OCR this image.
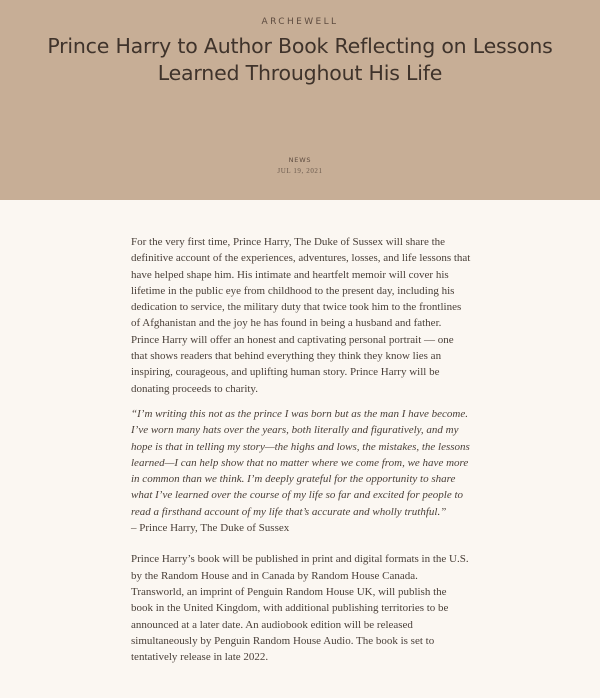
ARCHEWELL
Prince Harry to Author Book Reflecting on Lessons Learned Throughout His Life
NEWS
JUL 19, 2021

For the very first time, Prince Harry, The Duke of Sussex will share the definitive account of the experiences, adventures, losses, and life lessons that have helped shape him. His intimate and heartfelt memoir will cover his lifetime in the public eye from childhood to the present day, including his dedication to service, the military duty that twice took him to the frontlines of Afghanistan and the joy he has found in being a husband and father. Prince Harry will offer an honest and captivating personal portrait — one that shows readers that behind everything they think they know lies an inspiring, courageous, and uplifting human story. Prince Harry will be donating proceeds to charity.

“I’m writing this not as the prince I was born but as the man I have become. I’ve worn many hats over the years, both literally and figuratively, and my hope is that in telling my story—the highs and lows, the mistakes, the lessons learned—I can help show that no matter where we come from, we have more in common than we think. I’m deeply grateful for the opportunity to share what I’ve learned over the course of my life so far and excited for people to read a firsthand account of my life that’s accurate and wholly truthful.”

– Prince Harry, The Duke of Sussex

Prince Harry’s book will be published in print and digital formats in the U.S. by the Random House and in Canada by Random House Canada. Transworld, an imprint of Penguin Random House UK, will publish the book in the United Kingdom, with additional publishing territories to be announced at a later date. An audiobook edition will be released simultaneously by Penguin Random House Audio. The book is set to tentatively release in late 2022.
